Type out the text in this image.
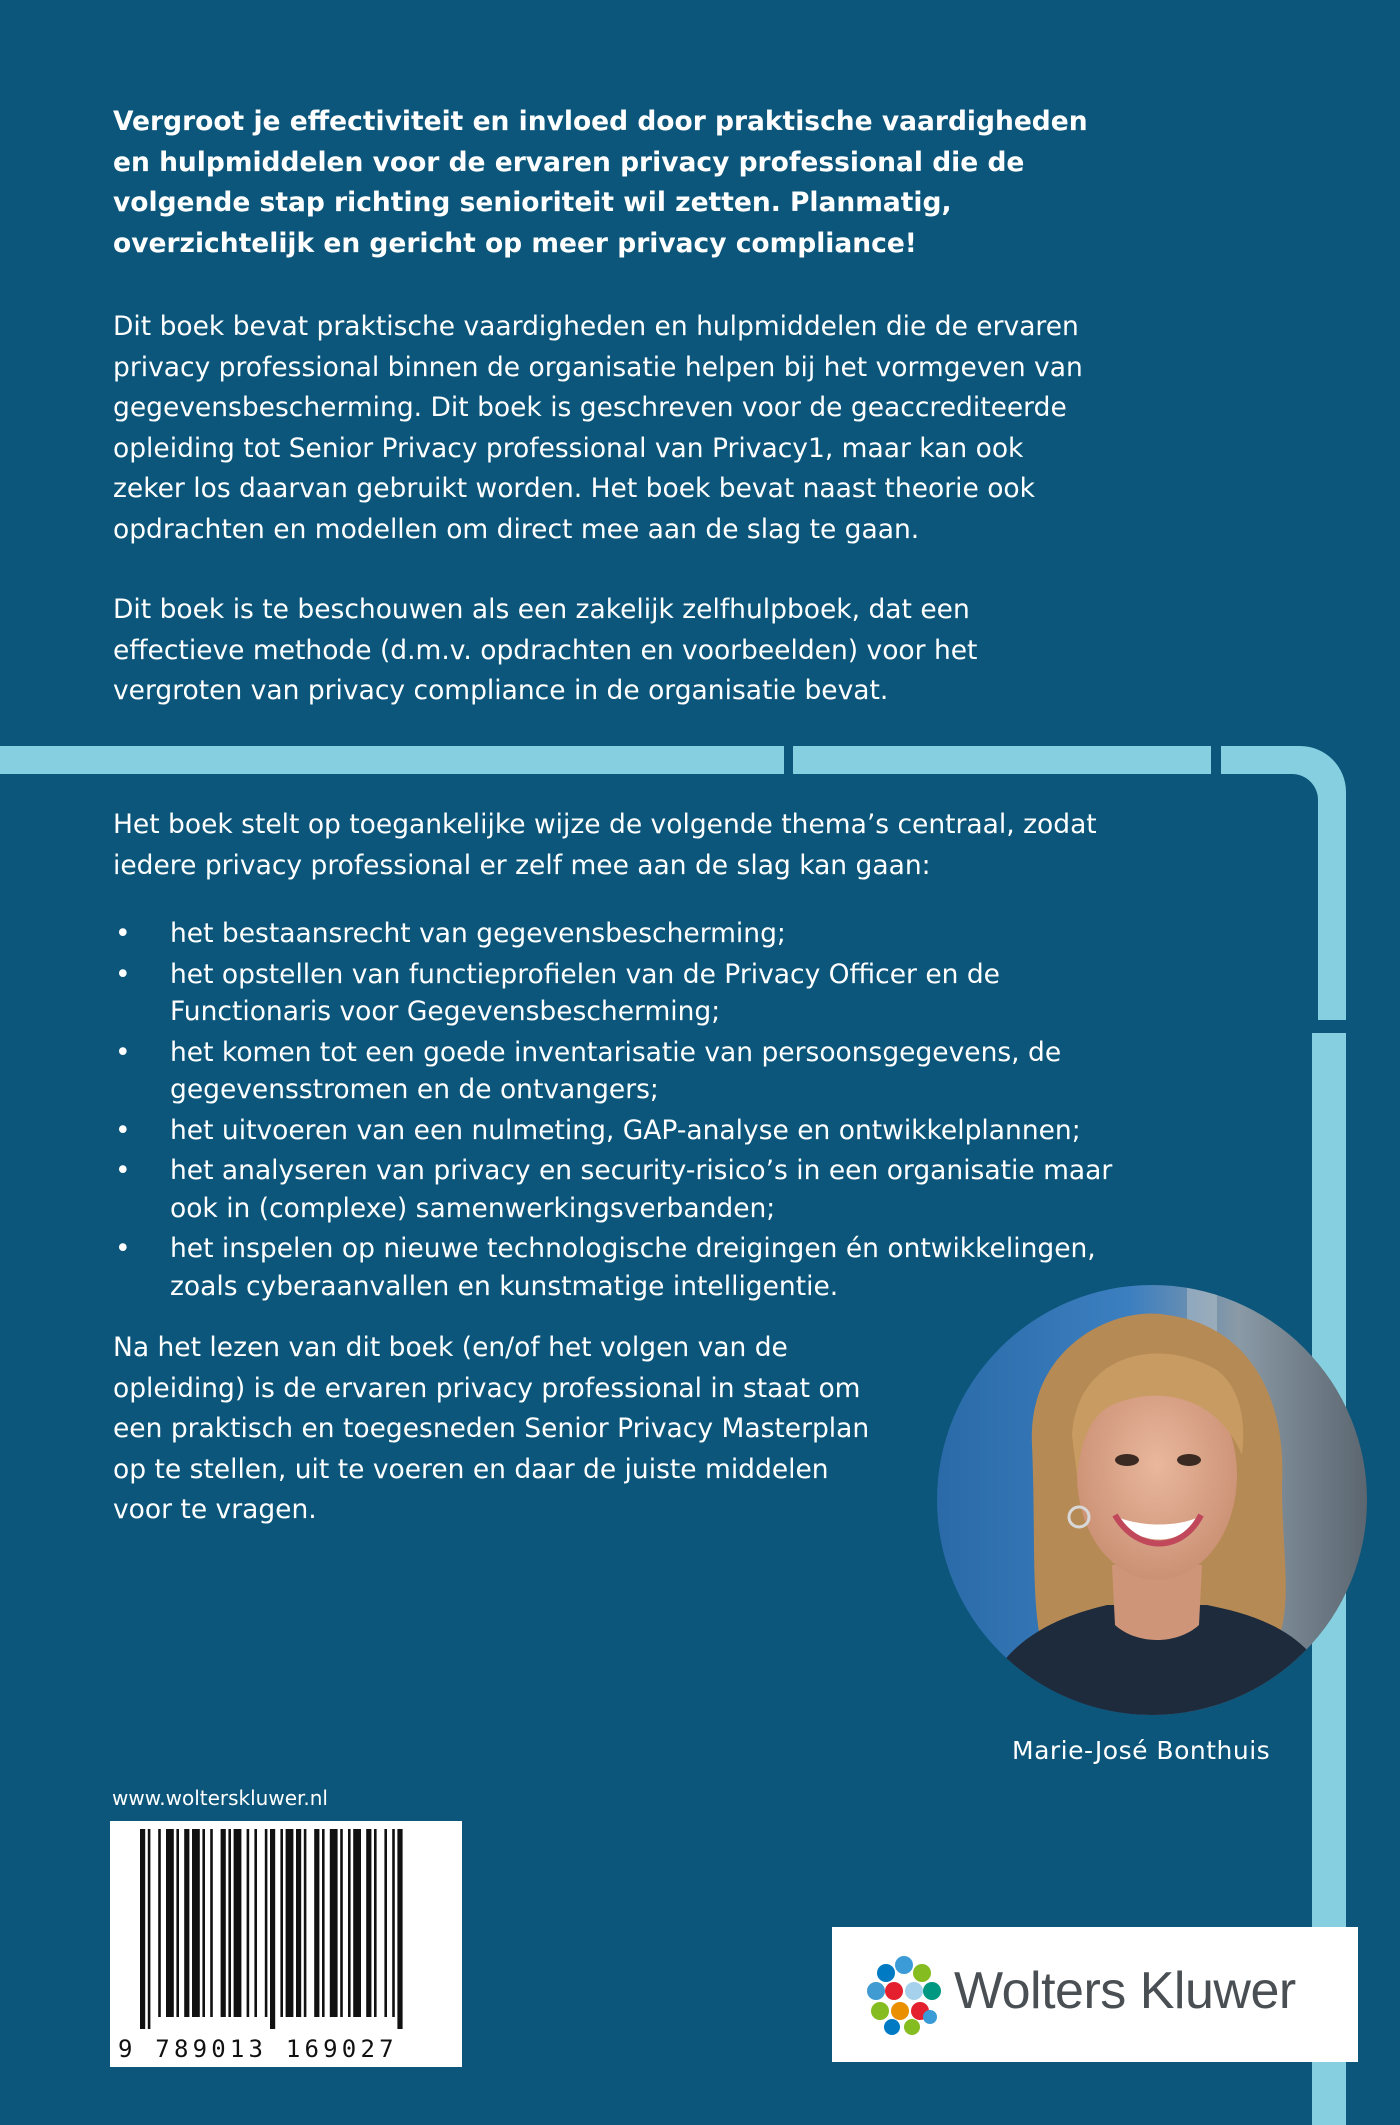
Vergroot je effectiviteit en invloed door praktische vaardigheden en hulpmiddelen voor de ervaren privacy professional die de volgende stap richting senioriteit wil zetten. Planmatig, overzichtelijk en gericht op meer privacy compliance!

Dit boek bevat praktische vaardigheden en hulpmiddelen die de ervaren privacy professional binnen de organisatie helpen bij het vormgeven van gegevensbescherming. Dit boek is geschreven voor de geaccrediteerde opleiding tot Senior Privacy professional van Privacy1, maar kan ook zeker los daarvan gebruikt worden. Het boek bevat naast theorie ook opdrachten en modellen om direct mee aan de slag te gaan.

Dit boek is te beschouwen als een zakelijk zelfhulpboek, dat een effectieve methode (d.m.v. opdrachten en voorbeelden) voor het vergroten van privacy compliance in de organisatie bevat.

Het boek stelt op toegankelijke wijze de volgende thema’s centraal, zodat iedere privacy professional er zelf mee aan de slag kan gaan:

• het bestaansrecht van gegevensbescherming;
• het opstellen van functieprofielen van de Privacy Officer en de Functionaris voor Gegevensbescherming;
• het komen tot een goede inventarisatie van persoonsgegevens, de gegevensstromen en de ontvangers;
• het uitvoeren van een nulmeting, GAP-analyse en ontwikkelplannen;
• het analyseren van privacy en security-risico’s in een organisatie maar ook in (complexe) samenwerkingsverbanden;
• het inspelen op nieuwe technologische dreigingen én ontwikkelingen, zoals cyberaanvallen en kunstmatige intelligentie.

Na het lezen van dit boek (en/of het volgen van de opleiding) is de ervaren privacy professional in staat om een praktisch en toegesneden Senior Privacy Masterplan op te stellen, uit te voeren en daar de juiste middelen voor te vragen.

Marie-José Bonthuis

www.wolterskluwer.nl

9 789013 169027

Wolters Kluwer
